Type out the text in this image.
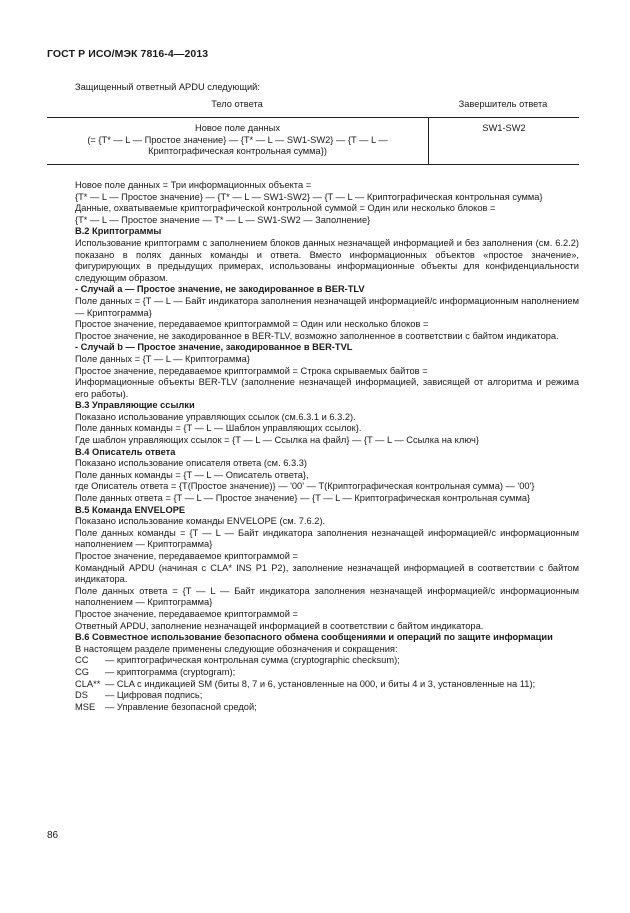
ГОСТ Р ИСО/МЭК 7816-4—2013
Защищенный ответный APDU следующий:
Тело ответа	Завершитель ответа
Новое поле данных
(= {T* — L — Простое значение} — {T* — L — SW1-SW2} — {T — L —
Криптографическая контрольная сумма})
	SW1-SW2

Новое поле данных = Три информационных объекта =

{T* — L — Простое значение} — {T* — L — SW1-SW2} — {T — L — Криптографическая контрольная сумма}

Данные, охватываемые криптографической контрольной суммой = Один или несколько блоков =

{T* — L — Простое значение — T* — L — SW1-SW2 — Заполнение}

В.2 Криптограммы

Использование криптограмм с заполнением блоков данных незначащей информацией и без заполнения (см. 6.2.2) показано в полях данных команды и ответа. Вместо информационных объектов «простое значение», фигурирующих в предыдущих примерах, использованы информационные объекты для конфиденциальности следующим образом.

- Случай а — Простое значение, не закодированное в BER-TLV

Поле данных = {T — L — Байт индикатора заполнения незначащей информацией/с информационным наполнением — Криптограмма}

Простое значение, передаваемое криптограммой = Один или несколько блоков =

Простое значение, не закодированное в BER-TLV, возможно заполненное в соответствии с байтом индикатора.

- Случай b — Простое значение, закодированное в BER-TVL

Поле данных = {T — L — Криптограмма}

Простое значение, передаваемое криптограммой = Строка скрываемых байтов =

Информационные объекты BER-TLV (заполнение незначащей информацией, зависящей от алгоритма и режима его работы).

В.3 Управляющие ссылки

Показано использование управляющих ссылок (см.6.3.1 и 6.3.2).

Поле данных команды = {T — L — Шаблон управляющих ссылок}.

Где шаблон управляющих ссылок = {T — L — Ссылка на файл} — {T — L — Ссылка на ключ}

В.4 Описатель ответа

Показано использование описателя ответа (см. 6.3.3)

Поле данных команды = {T — L — Описатель ответа},

где Описатель ответа = {T(Простое значение)} — '00' — T(Криптографическая контрольная сумма) — '00'}

Поле данных ответа = {T — L — Простое значение} — {T — L — Криптографическая контрольная сумма}

В.5 Команда ENVELOPE

Показано использование команды ENVELOPE (см. 7.6.2).

Поле данных команды = {T — L — Байт индикатора заполнения незначащей информацией/с информационным наполнением — Криптограмма}

Простое значение, передаваемое криптограммой =

Командный APDU (начиная с CLA* INS P1 P2), заполнение незначащей информацией в соответствии с байтом индикатора.

Поле данных ответа = {T — L — Байт индикатора заполнения незначащей информацией/с информационным наполнением — Криптограмма}

Простое значение, передаваемое криптограммой =

Ответный APDU, заполнение незначащей информацией в соответствии с байтом индикатора.

В.6 Совместное использование безопасного обмена сообщениями и операций по защите информации

В настоящем разделе применены следующие обозначения и сокращения:

CC	— криптографическая контрольная сумма (cryptographic checksum);
CG	— криптограмма (cryptogram);
CLA** — CLA с индикацией SM (биты 8, 7 и 6, установленные на 000, и биты 4 и 3, установленные на 11);
DS	— Цифровая подпись;
MSE	— Управление безопасной средой;
86
